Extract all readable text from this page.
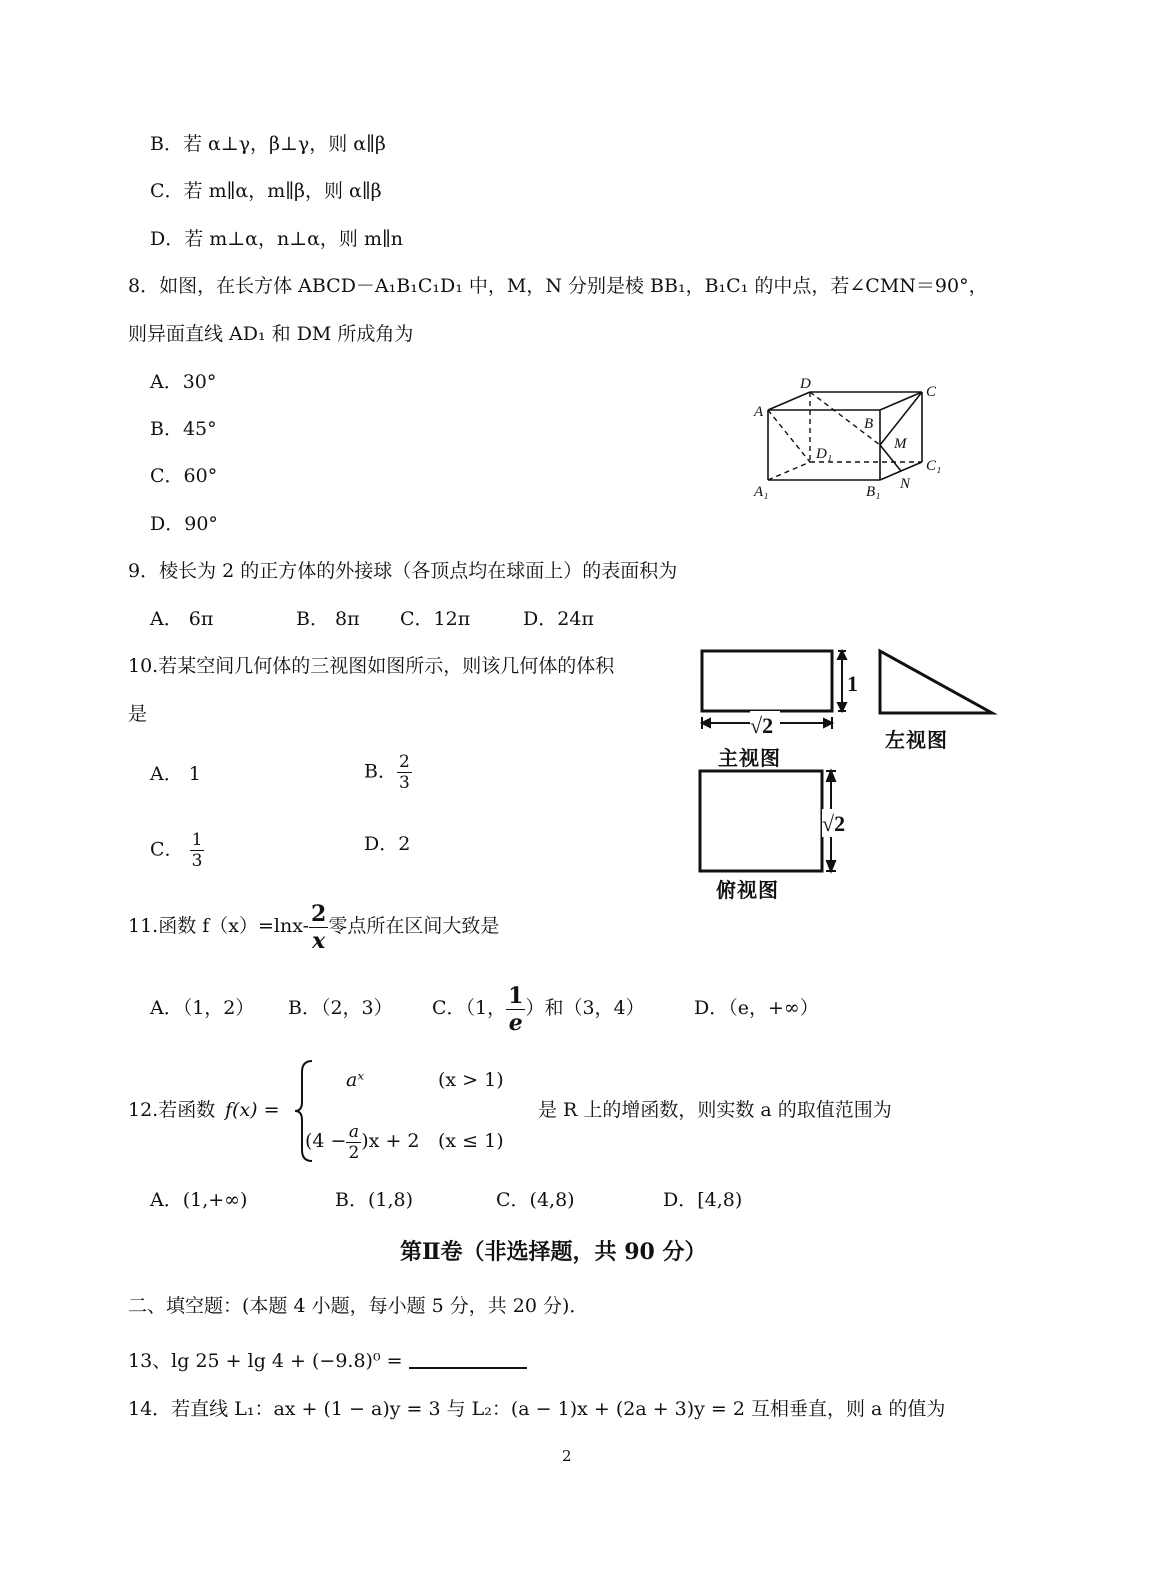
B．若 α⊥γ，β⊥γ，则 α∥β
C．若 m∥α，m∥β，则 α∥β
D．若 m⊥α，n⊥α，则 m∥n
8．如图，在长方体 ABCD－A₁B₁C₁D₁ 中，M，N 分别是棱 BB₁，B₁C₁ 的中点，若∠CMN＝90°，
则异面直线 AD₁ 和 DM 所成角为
A．30°
B．45°
C．60°
D．90°
D	C
A
B
M
D₁
C₁
A₁	B₁ N
9．棱长为 2 的正方体的外接球（各顶点均在球面上）的表面积为
A． 6π	B． 8π C．12π	D．24π
10.若某空间几何体的三视图如图所示，则该几何体的体积
是
A． 1	B． $\frac{2}{3}$
C． $\frac{1}{3}$	D．2
1
√2
√2
主视图
左视图
俯视图
11.函数 $f(x)=\ln x- \frac{2}{x}$ 零点所在区间大致是
A．（1，2） B．（2，3） C．（1， $\frac{1}{e}$ ）和（3，4）	D．（e，+∞）
12.若函数 f(x) =
aˣ	(x > 1)
$(4 - \frac{a}{2} )x + 2$ (x ≤ 1)
是 R 上的增函数，则实数 a 的取值范围为
A．(1,+∞)	B．(1,8)	C．(4,8)	D．[4,8)
第Ⅱ卷（非选择题，共 90 分）
二、填空题：(本题 4 小题，每小题 5 分，共 20 分)．
13、lg 25 + lg 4 + (−9.8)⁰ =
14．若直线 L₁：ax + (1 − a)y = 3 与 L₂：(a − 1)x + (2a + 3)y = 2 互相垂直，则 a 的值为
2
